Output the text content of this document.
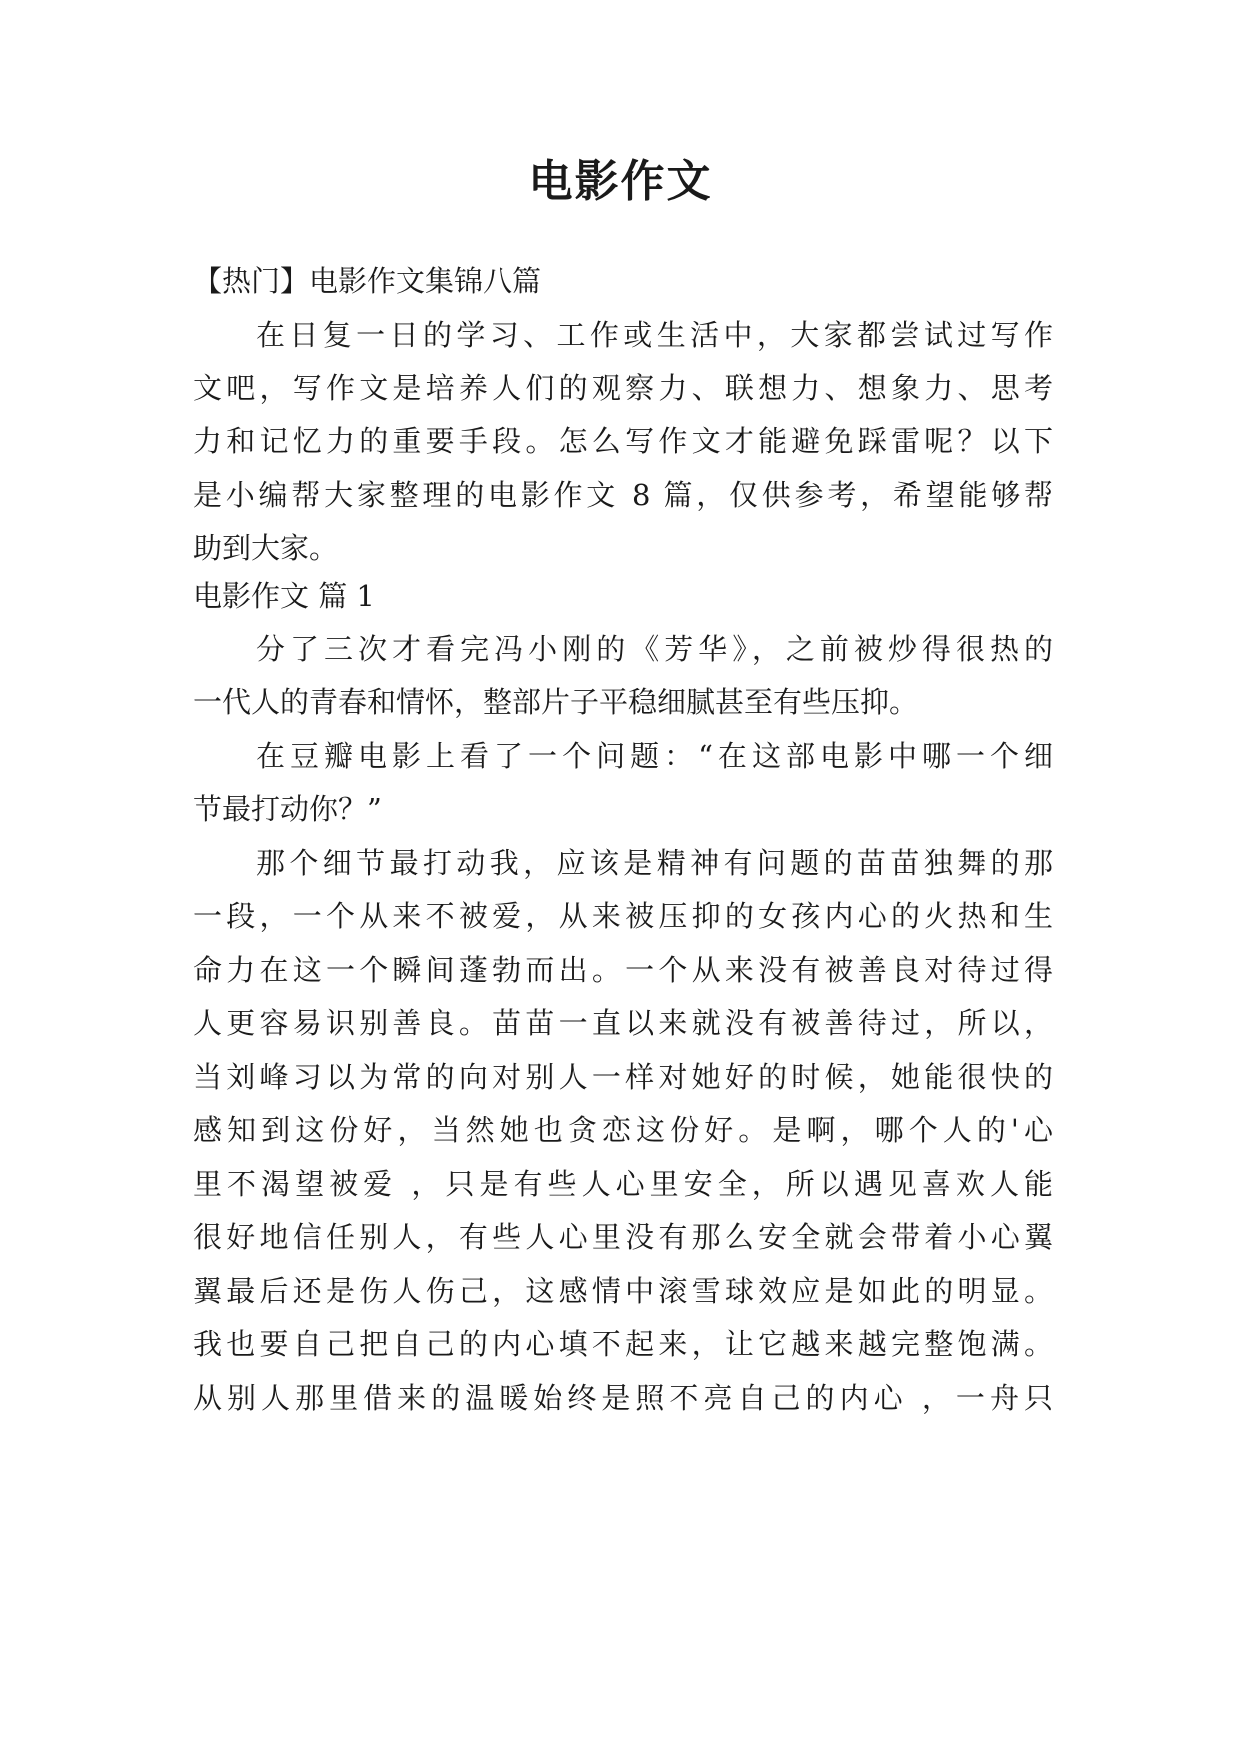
电影作文

【热门】电影作文集锦八篇

在日复一日的学习、工作或生活中，大家都尝试过写作

文吧，写作文是培养人们的观察力、联想力、想象力、思考

力和记忆力的重要手段。怎么写作文才能避免踩雷呢？以下

是小编帮大家整理的电影作文 8 篇，仅供参考，希望能够帮

助到大家。

电影作文 篇 1

分了三次才看完冯小刚的《芳华》，之前被炒得很热的

一代人的青春和情怀，整部片子平稳细腻甚至有些压抑。

在豆瓣电影上看了一个问题：“在这部电影中哪一个细

节最打动你？”

那个细节最打动我，应该是精神有问题的苗苗独舞的那

一段，一个从来不被爱，从来被压抑的女孩内心的火热和生

命力在这一个瞬间蓬勃而出。一个从来没有被善良对待过得

人更容易识别善良。苗苗一直以来就没有被善待过，所以，

当刘峰习以为常的向对别人一样对她好的时候，她能很快的

感知到这份好，当然她也贪恋这份好。是啊，哪个人的'心

里不渴望被爱 ，只是有些人心里安全，所以遇见喜欢人能

很好地信任别人，有些人心里没有那么安全就会带着小心翼

翼最后还是伤人伤己，这感情中滚雪球效应是如此的明显。

我也要自己把自己的内心填不起来，让它越来越完整饱满。

从别人那里借来的温暖始终是照不亮自己的内心 ，一舟只
